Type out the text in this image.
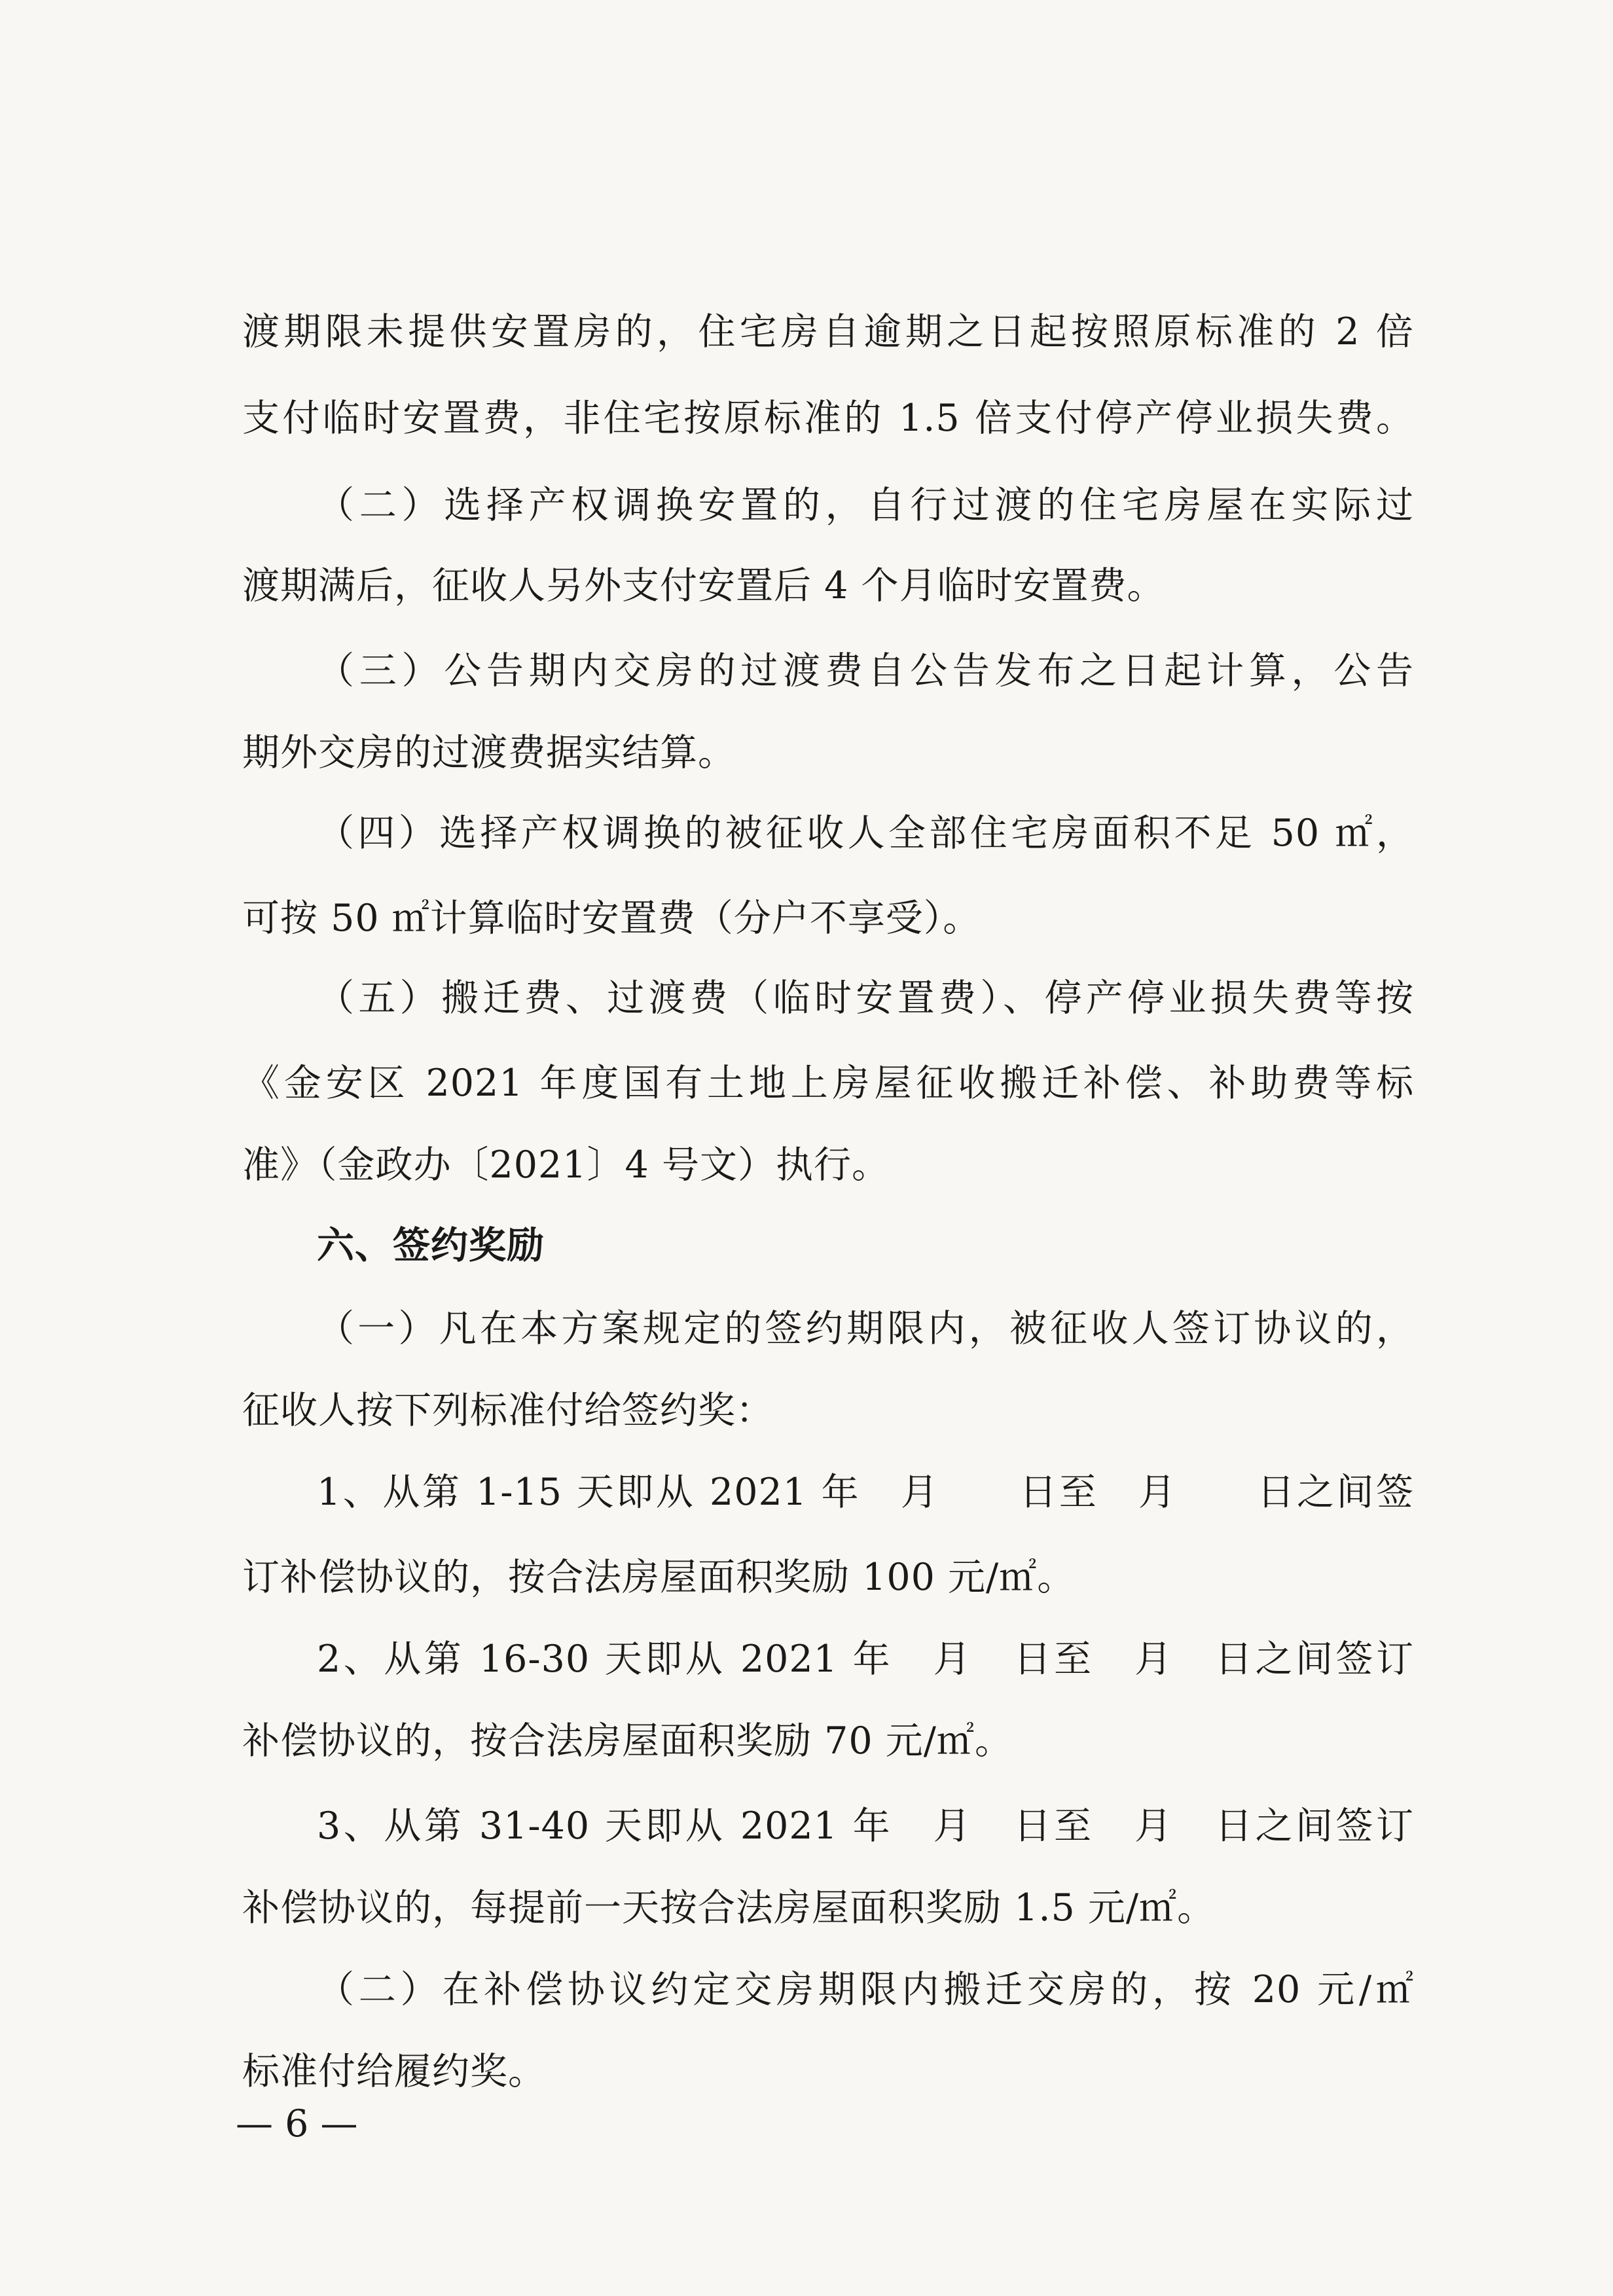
渡期限未提供安置房的，住宅房自逾期之日起按照原标准的 2 倍
支付临时安置费，非住宅按原标准的 1.5 倍支付停产停业损失费。
（二）选择产权调换安置的，自行过渡的住宅房屋在实际过
渡期满后，征收人另外支付安置后 4 个月临时安置费。
（三）公告期内交房的过渡费自公告发布之日起计算，公告
期外交房的过渡费据实结算。
（四）选择产权调换的被征收人全部住宅房面积不足 50 ㎡，
可按 50 ㎡计算临时安置费（分户不享受）。
（五）搬迁费、过渡费（临时安置费）、停产停业损失费等按
《金安区 2021 年度国有土地上房屋征收搬迁补偿、补助费等标
准》（金政办〔2021〕4 号文）执行。
六、签约奖励
（一）凡在本方案规定的签约期限内，被征收人签订协议的，
征收人按下列标准付给签约奖：
1、从第 1-15 天即从 2021 年　月　　日至　月　　日之间签
订补偿协议的，按合法房屋面积奖励 100 元/㎡。
2、从第 16-30 天即从 2021 年　月　日至　月　日之间签订
补偿协议的，按合法房屋面积奖励 70 元/㎡。
3、从第 31-40 天即从 2021 年　月　日至　月　日之间签订
补偿协议的，每提前一天按合法房屋面积奖励 1.5 元/㎡。
（二）在补偿协议约定交房期限内搬迁交房的，按 20 元/㎡
标准付给履约奖。
— 6 —
